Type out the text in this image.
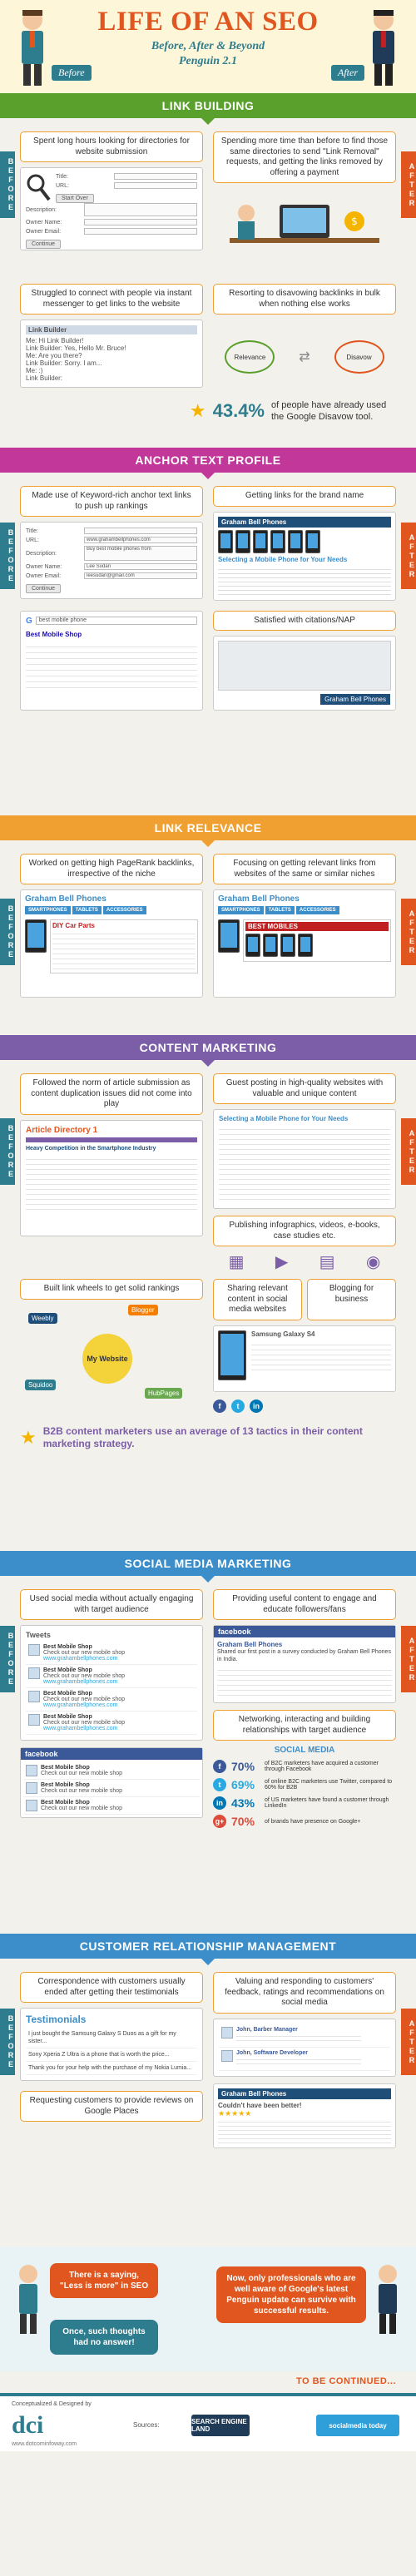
Before
LIFE OF AN SEO
Before, After & Beyond
Penguin 2.1
After
LINK BUILDING
BEFORE	AFTER
Spent long hours looking for directories for website submission
Title:
URL:
Start Over
Description:
Owner Name:
Owner Email:
Continue
Spending more time than before to find those same directories to send "Link Removal" requests, and getting the links removed by offering a payment
$
Struggled to connect with people via instant messenger to get links to the website
Link Builder
Me: Hi Link Builder!
Link Builder: Yes, Hello Mr. Bruce!
Me: Are you there?
Link Builder: Sorry. I am...
Me: :)
Link Builder:
Resorting to disavowing backlinks in bulk when nothing else works
Relevance	⇄	Disavow
★ 43.4% of people have already used the Google Disavow tool.
ANCHOR TEXT PROFILE
BEFORE	AFTER
Made use of Keyword-rich anchor text links to push up rankings
Title:
URL:	www.grahambellphones.com
Description:
Buy best mobile phones from
Owner Name:	Lee Sudan
Owner Email:	leesudan@gmail.com
Continue
Getting links for the brand name
Graham Bell Phones
Selecting a Mobile Phone for Your Needs
G	best mobile phone
Best Mobile Shop
Satisfied with citations/NAP
Graham Bell Phones
LINK RELEVANCE
BEFORE	AFTER
Worked on getting high PageRank backlinks, irrespective of the niche
Graham Bell Phones
SMARTPHONES	TABLETS	ACCESSORIES
DIY Car Parts
Focusing on getting relevant links from websites of the same or similar niches
Graham Bell Phones
SMARTPHONES	TABLETS	ACCESSORIES
BEST MOBILES
CONTENT MARKETING
BEFORE	AFTER
Followed the norm of article submission as content duplication issues did not come into play
Article Directory 1
Heavy Competition in the Smartphone Industry
Guest posting in high-quality websites with valuable and unique content
Selecting a Mobile Phone for Your Needs
Publishing infographics, videos, e-books, case studies etc.
▦ ▶ ▤ ◉
Built link wheels to get solid rankings
My Website
Blogger
Squidoo
HubPages
Weebly
Sharing relevant content in social media websites
Blogging for business
Samsung Galaxy S4
f	t	in
★ B2B content marketers use an average of 13 tactics in their content marketing strategy.
SOCIAL MEDIA MARKETING
BEFORE	AFTER
Used social media without actually engaging with target audience
Tweets
Best Mobile Shop
Check out our new mobile shop
www.grahambellphones.com
Best Mobile Shop
Check out our new mobile shop
www.grahambellphones.com
Best Mobile Shop
Check out our new mobile shop
www.grahambellphones.com
Best Mobile Shop
Check out our new mobile shop
www.grahambellphones.com
facebook
Best Mobile Shop
Check out our new mobile shop
Best Mobile Shop
Check out our new mobile shop
Best Mobile Shop
Check out our new mobile shop
Providing useful content to engage and educate followers/fans
facebook
Graham Bell Phones
Shared our first post in a survey conducted by Graham Bell Phones in India.
Networking, interacting and building relationships with target audience
SOCIAL MEDIA
f 70%	of B2C marketers have acquired a customer through Facebook
t 69%	of online B2C marketers use Twitter, compared to 60% for B2B
in 43%	of US marketers have found a customer through LinkedIn
g+ 70%	of brands have presence on Google+
CUSTOMER RELATIONSHIP MANAGEMENT
BEFORE	AFTER
Correspondence with customers usually ended after getting their testimonials
Testimonials
I just bought the Samsung Galaxy S Duos as a gift for my sister...
Sony Xperia Z Ultra is a phone that is worth the price...
Thank you for your help with the purchase of my Nokia Lumia...
Requesting customers to provide reviews on Google Places
Valuing and responding to customers' feedback, ratings and recommendations on social media
John, Barber Manager
John, Software Developer
Graham Bell Phones
Couldn't have been better!
★★★★★
There is a saying, "Less is more" in SEO
Once, such thoughts had no answer!
Now, only professionals who are well aware of Google's latest Penguin update can survive with successful results.
TO BE CONTINUED...
Conceptualized & Designed by
dci
www.dotcominfoway.com
Sources:	SEARCH ENGINE LAND	socialmedia today
